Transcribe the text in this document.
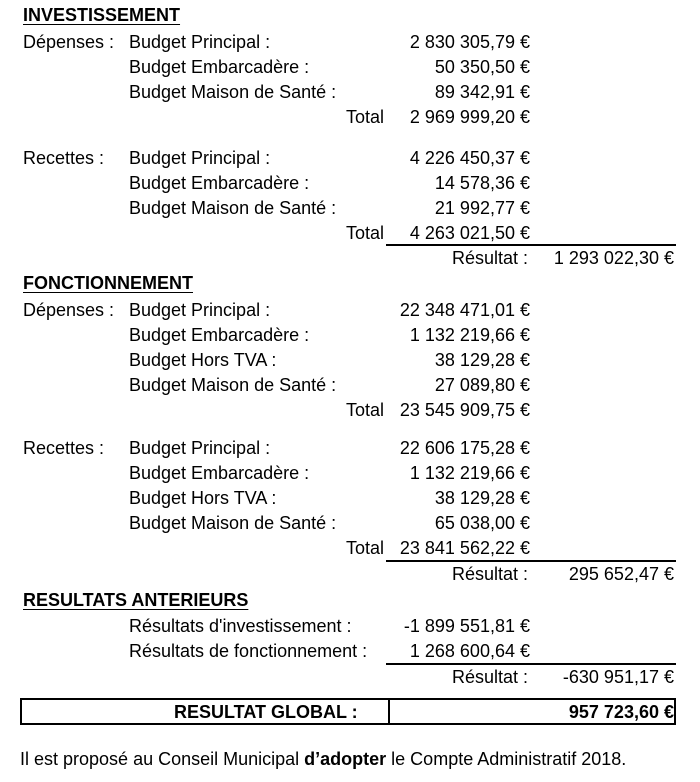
INVESTISSEMENT
Dépenses : Budget Principal :	2 830 305,79 €
Budget Embarcadère :	50 350,50 €
Budget Maison de Santé :	89 342,91 €
Total	2 969 999,20 €
Recettes : Budget Principal :	4 226 450,37 €
Budget Embarcadère :	14 578,36 €
Budget Maison de Santé :	21 992,77 €
Total	4 263 021,50 €
Résultat :	1 293 022,30 €
FONCTIONNEMENT
Dépenses : Budget Principal :	22 348 471,01 €
Budget Embarcadère :	1 132 219,66 €
Budget Hors TVA :	38 129,28 €
Budget Maison de Santé :	27 089,80 €
Total 23 545 909,75 €
Recettes : Budget Principal :	22 606 175,28 €
Budget Embarcadère :	1 132 219,66 €
Budget Hors TVA :	38 129,28 €
Budget Maison de Santé :	65 038,00 €
Total 23 841 562,22 €
Résultat :	295 652,47 €
RESULTATS ANTERIEURS
Résultats d'investissement :	-1 899 551,81 €
Résultats de fonctionnement :	1 268 600,64 €
Résultat :	-630 951,17 €
RESULTAT GLOBAL :	957 723,60 €
Il est proposé au Conseil Municipal d’adopter le Compte Administratif 2018.
